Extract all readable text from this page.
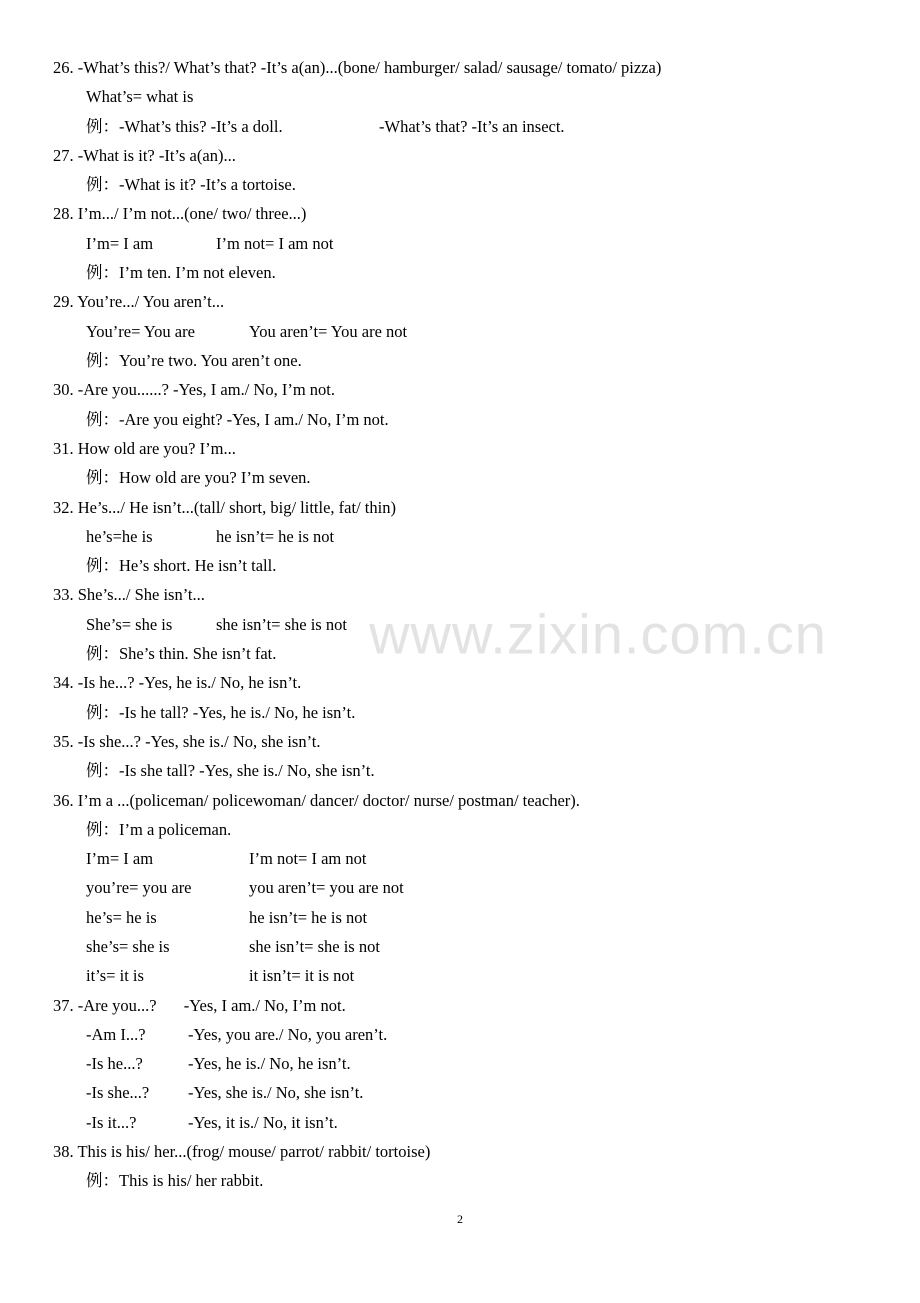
26. -What’s this?/ What’s that? -It’s a(an)...(bone/ hamburger/ salad/ sausage/ tomato/ pizza)
What’s= what is
例：-What’s this? -It’s a doll.	-What’s that? -It’s an insect.
27. -What is it? -It’s a(an)...
例：-What is it? -It’s a tortoise.
28. I’m.../ I’m not...(one/ two/ three...)
I’m= I am	I’m not= I am not
例：I’m ten. I’m not eleven.
29. You’re.../ You aren’t...
You’re= You are	You aren’t= You are not
例：You’re two. You aren’t one.
30. -Are you......? -Yes, I am./ No, I’m not.
例：-Are you eight? -Yes, I am./ No, I’m not.
31. How old are you? I’m...
例：How old are you? I’m seven.
32. He’s.../ He isn’t...(tall/ short, big/ little, fat/ thin)
he’s=he is	he isn’t= he is not
例：He’s short. He isn’t tall.
33. She’s.../ She isn’t...
She’s= she is	she isn’t= she is not
例：She’s thin. She isn’t fat.
34. -Is he...? -Yes, he is./ No, he isn’t.
例：-Is he tall? -Yes, he is./ No, he isn’t.
35. -Is she...? -Yes, she is./ No, she isn’t.
例：-Is she tall? -Yes, she is./ No, she isn’t.
36. I’m a ...(policeman/ policewoman/ dancer/ doctor/ nurse/ postman/ teacher).
例：I’m a policeman.
I’m= I am	I’m not= I am not
you’re= you are	you aren’t= you are not
he’s= he is	he isn’t= he is not
she’s= she is	she isn’t= she is not
it’s= it is	it isn’t= it is not
37. -Are you...? -Yes, I am./ No, I’m not.
-Am I...?	-Yes, you are./ No, you aren’t.
-Is he...?	-Yes, he is./ No, he isn’t.
-Is she...? -Yes, she is./ No, she isn’t.
-Is it...?	-Yes, it is./ No, it isn’t.
38. This is his/ her...(frog/ mouse/ parrot/ rabbit/ tortoise)
例：This is his/ her rabbit.
www.zixin.com.cn
2
